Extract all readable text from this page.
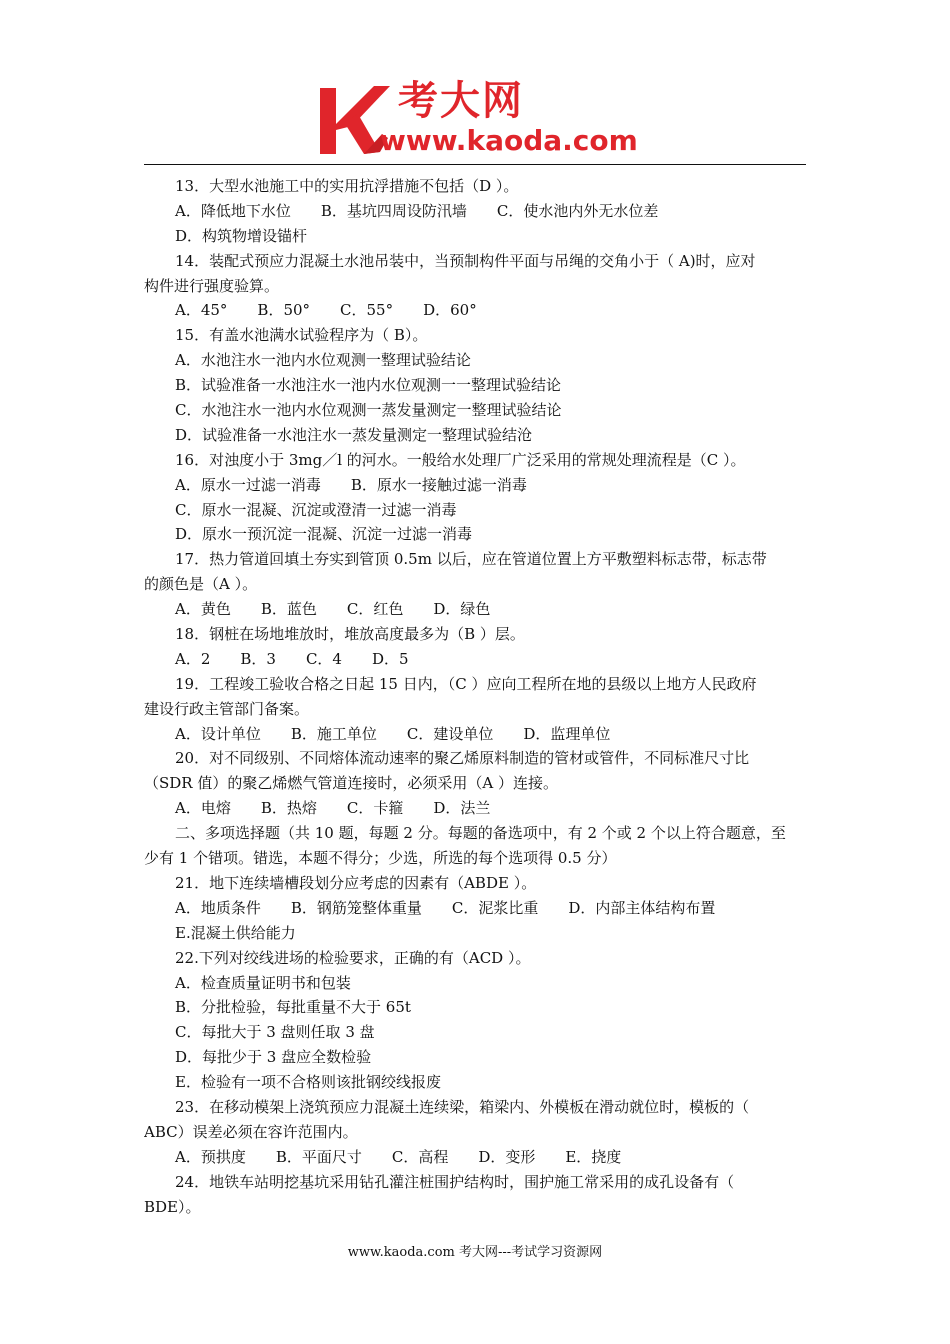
考大网
www.kaoda.com
13．大型水池施工中的实用抗浮措施不包括（D ）。
A．降低地下水位　　B．基坑四周设防汛墙　　C．使水池内外无水位差
D．构筑物增设锚杆
14．装配式预应力混凝土水池吊装中，当预制构件平面与吊绳的交角小于（ A)时，应对
构件进行强度验算。
A．45°　　B．50°　　C．55°　　D．60°
15．有盖水池满水试验程序为（ B）。
A．水池注水一池内水位观测一整理试验结论
B．试验准备一水池注水一池内水位观测一一整理试验结论
C．水池注水一池内水位观测一蒸发量测定一整理试验结论
D．试验准备一水池注水一蒸发量测定一整理试验结沧
16．对浊度小于 3mg／l 的河水。一般给水处理厂广泛采用的常规处理流程是（C ）。
A．原水一过滤一消毒　　B．原水一接触过滤一消毒
C．原水一混凝、沉淀或澄清一过滤一消毒
D．原水一预沉淀一混凝、沉淀一过滤一消毒
17．热力管道回填土夯实到管顶 0.5m 以后，应在管道位置上方平敷塑料标志带，标志带
的颜色是（A ）。
A．黄色　　B．蓝色　　C．红色　　D．绿色
18．钢桩在场地堆放时，堆放高度最多为（B ）层。
A．2　　B．3　　C．4　　D．5
19．工程竣工验收合格之日起 15 日内，（C ）应向工程所在地的县级以上地方人民政府
建设行政主管部门备案。
A．设计单位　　B．施工单位　　C．建设单位　　D．监理单位
20．对不同级别、不同熔体流动速率的聚乙烯原料制造的管材或管件，不同标准尺寸比
（SDR 值）的聚乙烯燃气管道连接时，必须采用（A ）连接。
A．电熔　　B．热熔　　C．卡箍　　D．法兰
二、多项选择题（共 10 题，每题 2 分。每题的备选项中，有 2 个或 2 个以上符合题意，至
少有 1 个错项。错选，本题不得分；少选，所选的每个选项得 0.5 分）
21．地下连续墙槽段划分应考虑的因素有（ABDE ）。
A．地质条件　　B．钢筋笼整体重量　　C．泥浆比重　　D．内部主体结构布置
E.混凝土供给能力
22.下列对绞线进场的检验要求，正确的有（ACD ）。
A．检查质量证明书和包装
B．分批检验，每批重量不大于 65t
C．每批大于 3 盘则任取 3 盘
D．每批少于 3 盘应全数检验
E．检验有一项不合格则该批钢绞线报废
23．在移动模架上浇筑预应力混凝土连续梁，箱梁内、外模板在滑动就位时，模板的（
ABC）误差必须在容许范围内。
A．预拱度　　B．平面尺寸　　C．高程　　D．变形　　E．挠度
24．地铁车站明挖基坑采用钻孔灌注桩围护结构时，围护施工常采用的成孔设备有（
BDE）。
www.kaoda.com 考大网---考试学习资源网
